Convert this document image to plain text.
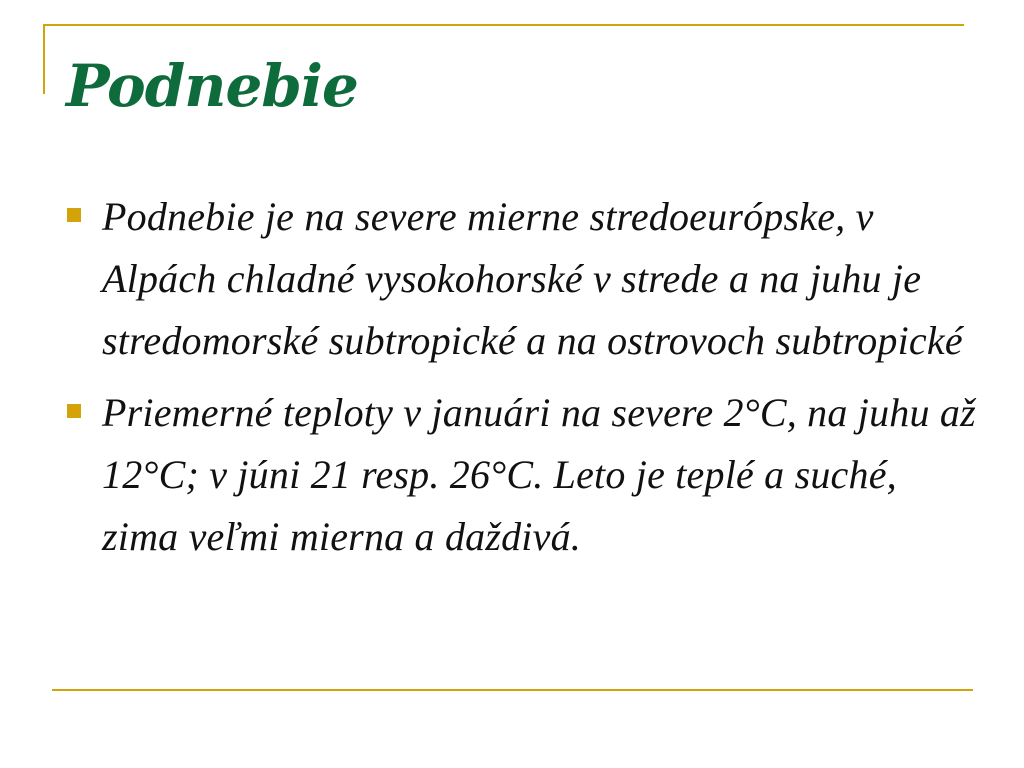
Podnebie
Podnebie je na severe mierne stredoeurópske, v Alpách chladné vysokohorské v strede a na juhu je stredomorské subtropické a na ostrovoch subtropické
Priemerné teploty v januári na severe 2°C, na juhu až 12°C; v júni 21 resp. 26°C. Leto je teplé a suché, zima veľmi mierna a daždivá.
